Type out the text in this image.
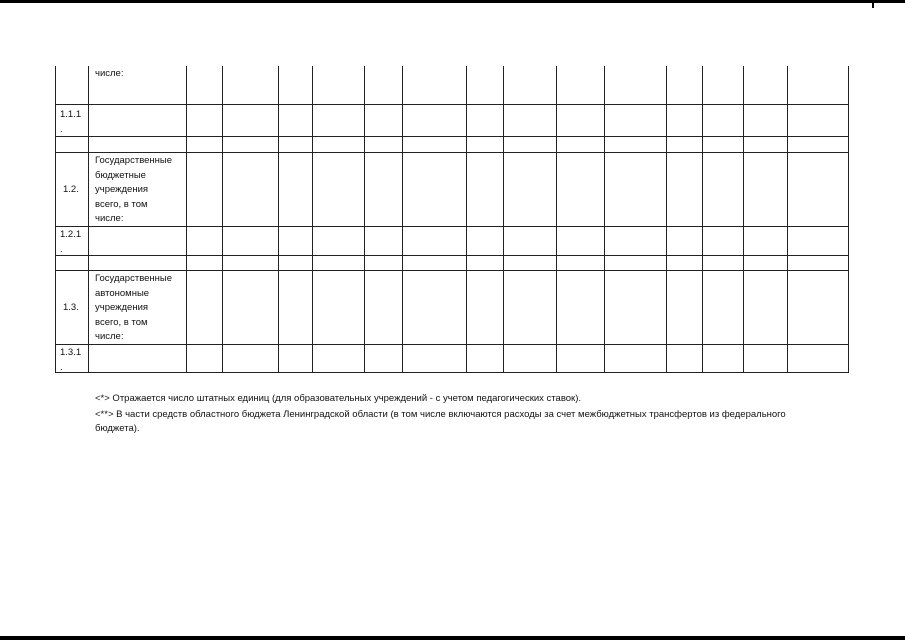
числе:
1.1.1
.
1.2.
Государственные
бюджетные
учреждения
всего, в том
числе:
1.2.1
.
1.3.
Государственные
автономные
учреждения
всего, в том
числе:
1.3.1
.

<*> Отражается число штатных единиц (для образовательных учреждений - с учетом педагогических ставок).

<**> В части средств областного бюджета Ленинградской области (в том числе включаются расходы за счет межбюджетных трансфертов из федерального бюджета).
